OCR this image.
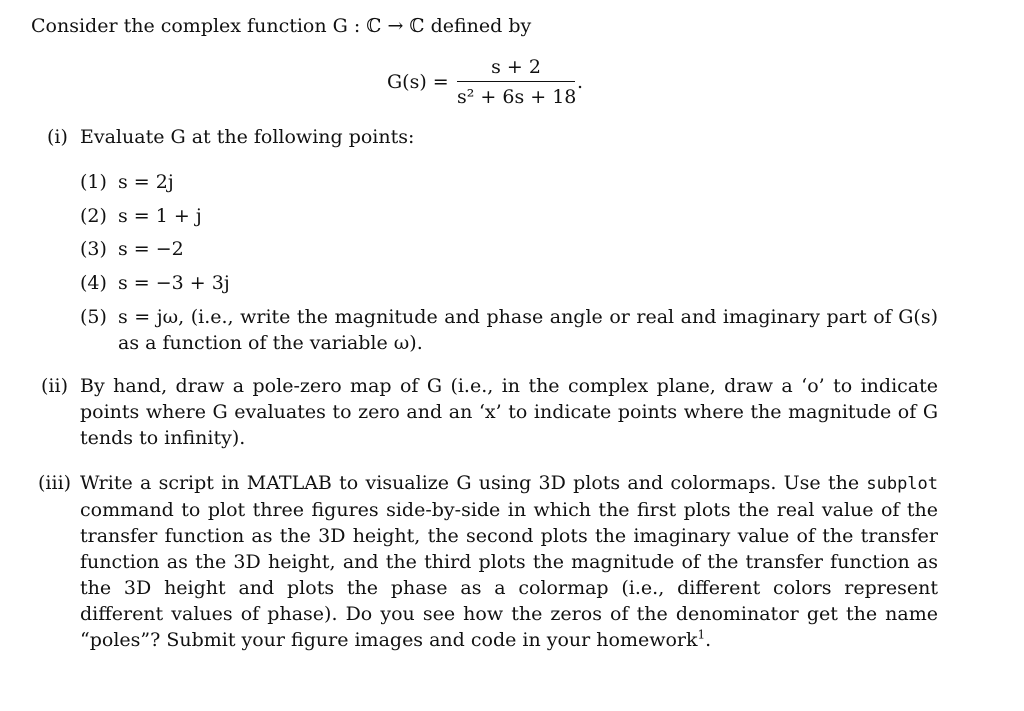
Consider the complex function G : ℂ → ℂ defined by
G(s) =
s + 2
s² + 6s + 18
.
(i) Evaluate G at the following points:
(1) s = 2j
(2) s = 1 + j
(3) s = −2
(4) s = −3 + 3j
(5) s = jω, (i.e., write the magnitude and phase angle or real and imaginary part of G(s) as a function of the variable ω).
(ii) By hand, draw a pole-zero map of G (i.e., in the complex plane, draw a ‘o’ to indicate points where G evaluates to zero and an ‘x’ to indicate points where the magnitude of G tends to infinity).
(iii) Write a script in MATLAB to visualize G using 3D plots and colormaps. Use the subplot command to plot three figures side-by-side in which the first plots the real value of the transfer function as the 3D height, the second plots the imaginary value of the transfer function as the 3D height, and the third plots the magnitude of the transfer function as the 3D height and plots the phase as a colormap (i.e., different colors represent different values of phase). Do you see how the zeros of the denominator get the name “poles”? Submit your figure images and code in your homework$^1$.
